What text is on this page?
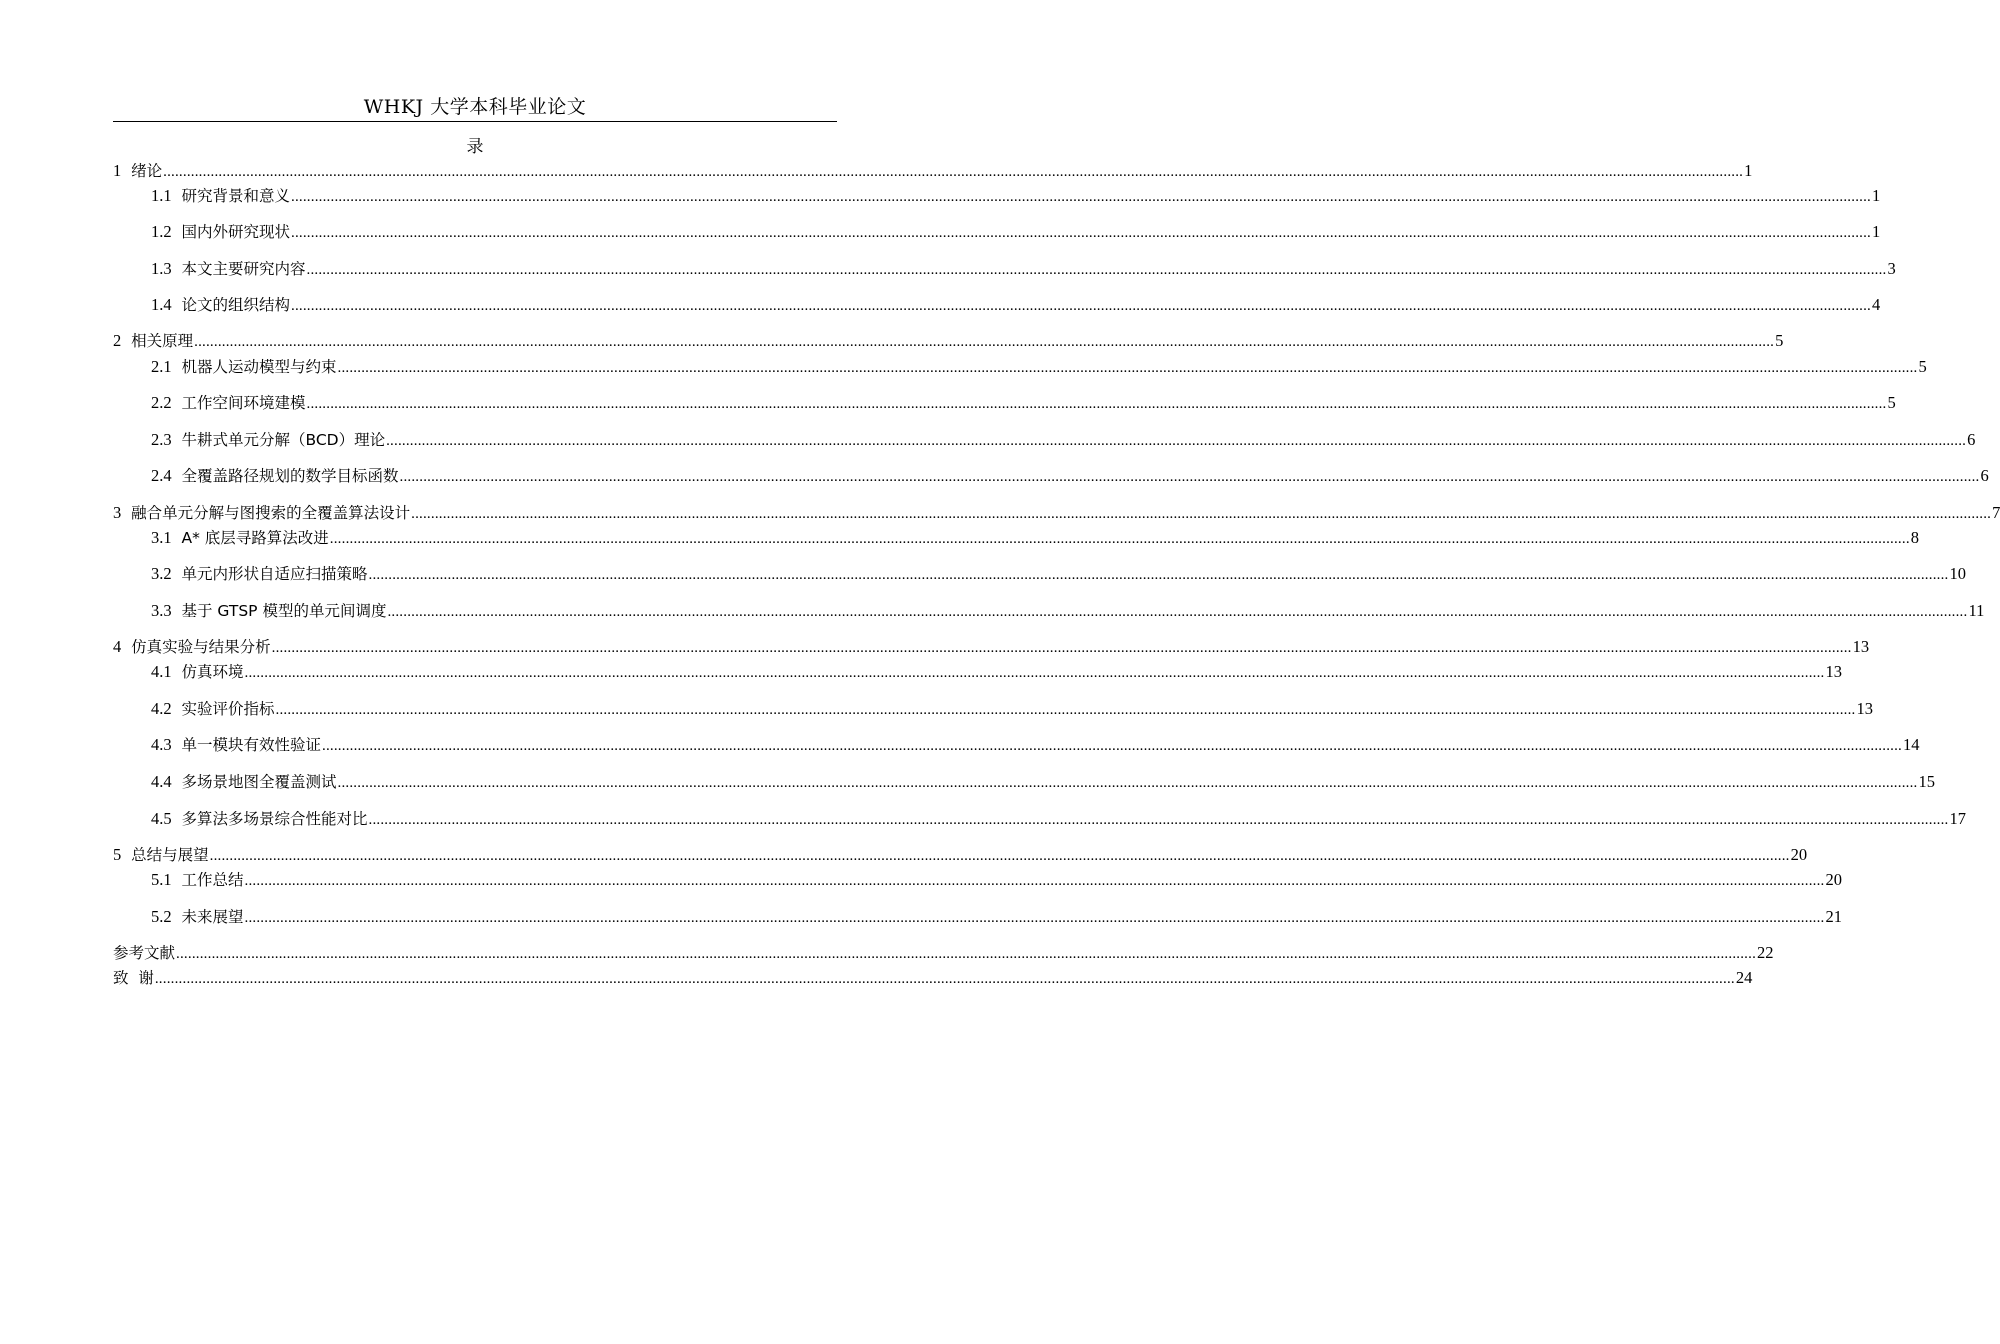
WHKJ 大学本科毕业论文
录
1
绪论 ................................................................................................................................................................................................................................................................................................................................................................................................................ 1
1.1
研究背景和意义 ................................................................................................................................................................................................................................................................................................................................................................................................................ 1
1.2
国内外研究现状 ................................................................................................................................................................................................................................................................................................................................................................................................................ 1
1.3
本文主要研究内容 ................................................................................................................................................................................................................................................................................................................................................................................................................ 3
1.4
论文的组织结构 ................................................................................................................................................................................................................................................................................................................................................................................................................ 4
2
相关原理 ................................................................................................................................................................................................................................................................................................................................................................................................................ 5
2.1
机器人运动模型与约束 ................................................................................................................................................................................................................................................................................................................................................................................................................ 5
2.2
工作空间环境建模 ................................................................................................................................................................................................................................................................................................................................................................................................................ 5
2.3
牛耕式单元分解（BCD）理论 ................................................................................................................................................................................................................................................................................................................................................................................................................ 6
2.4
全覆盖路径规划的数学目标函数 ................................................................................................................................................................................................................................................................................................................................................................................................................ 6
3
融合单元分解与图搜索的全覆盖算法设计 ................................................................................................................................................................................................................................................................................................................................................................................................................ 7
3.1
A* 底层寻路算法改进 ................................................................................................................................................................................................................................................................................................................................................................................................................ 8
3.2
单元内形状自适应扫描策略 ................................................................................................................................................................................................................................................................................................................................................................................................................ 10
3.3
基于 GTSP 模型的单元间调度 ................................................................................................................................................................................................................................................................................................................................................................................................................ 11
4
仿真实验与结果分析 ................................................................................................................................................................................................................................................................................................................................................................................................................ 13
4.1
仿真环境 ................................................................................................................................................................................................................................................................................................................................................................................................................ 13
4.2
实验评价指标 ................................................................................................................................................................................................................................................................................................................................................................................................................ 13
4.3
单一模块有效性验证 ................................................................................................................................................................................................................................................................................................................................................................................................................ 14
4.4
多场景地图全覆盖测试 ................................................................................................................................................................................................................................................................................................................................................................................................................ 15
4.5
多算法多场景综合性能对比 ................................................................................................................................................................................................................................................................................................................................................................................................................ 17
5
总结与展望 ................................................................................................................................................................................................................................................................................................................................................................................................................ 20
5.1
工作总结 ................................................................................................................................................................................................................................................................................................................................................................................................................ 20
5.2
未来展望 ................................................................................................................................................................................................................................................................................................................................................................................................................ 21
参考文献 ................................................................................................................................................................................................................................................................................................................................................................................................................ 22
致  谢 ................................................................................................................................................................................................................................................................................................................................................................................................................ 24
